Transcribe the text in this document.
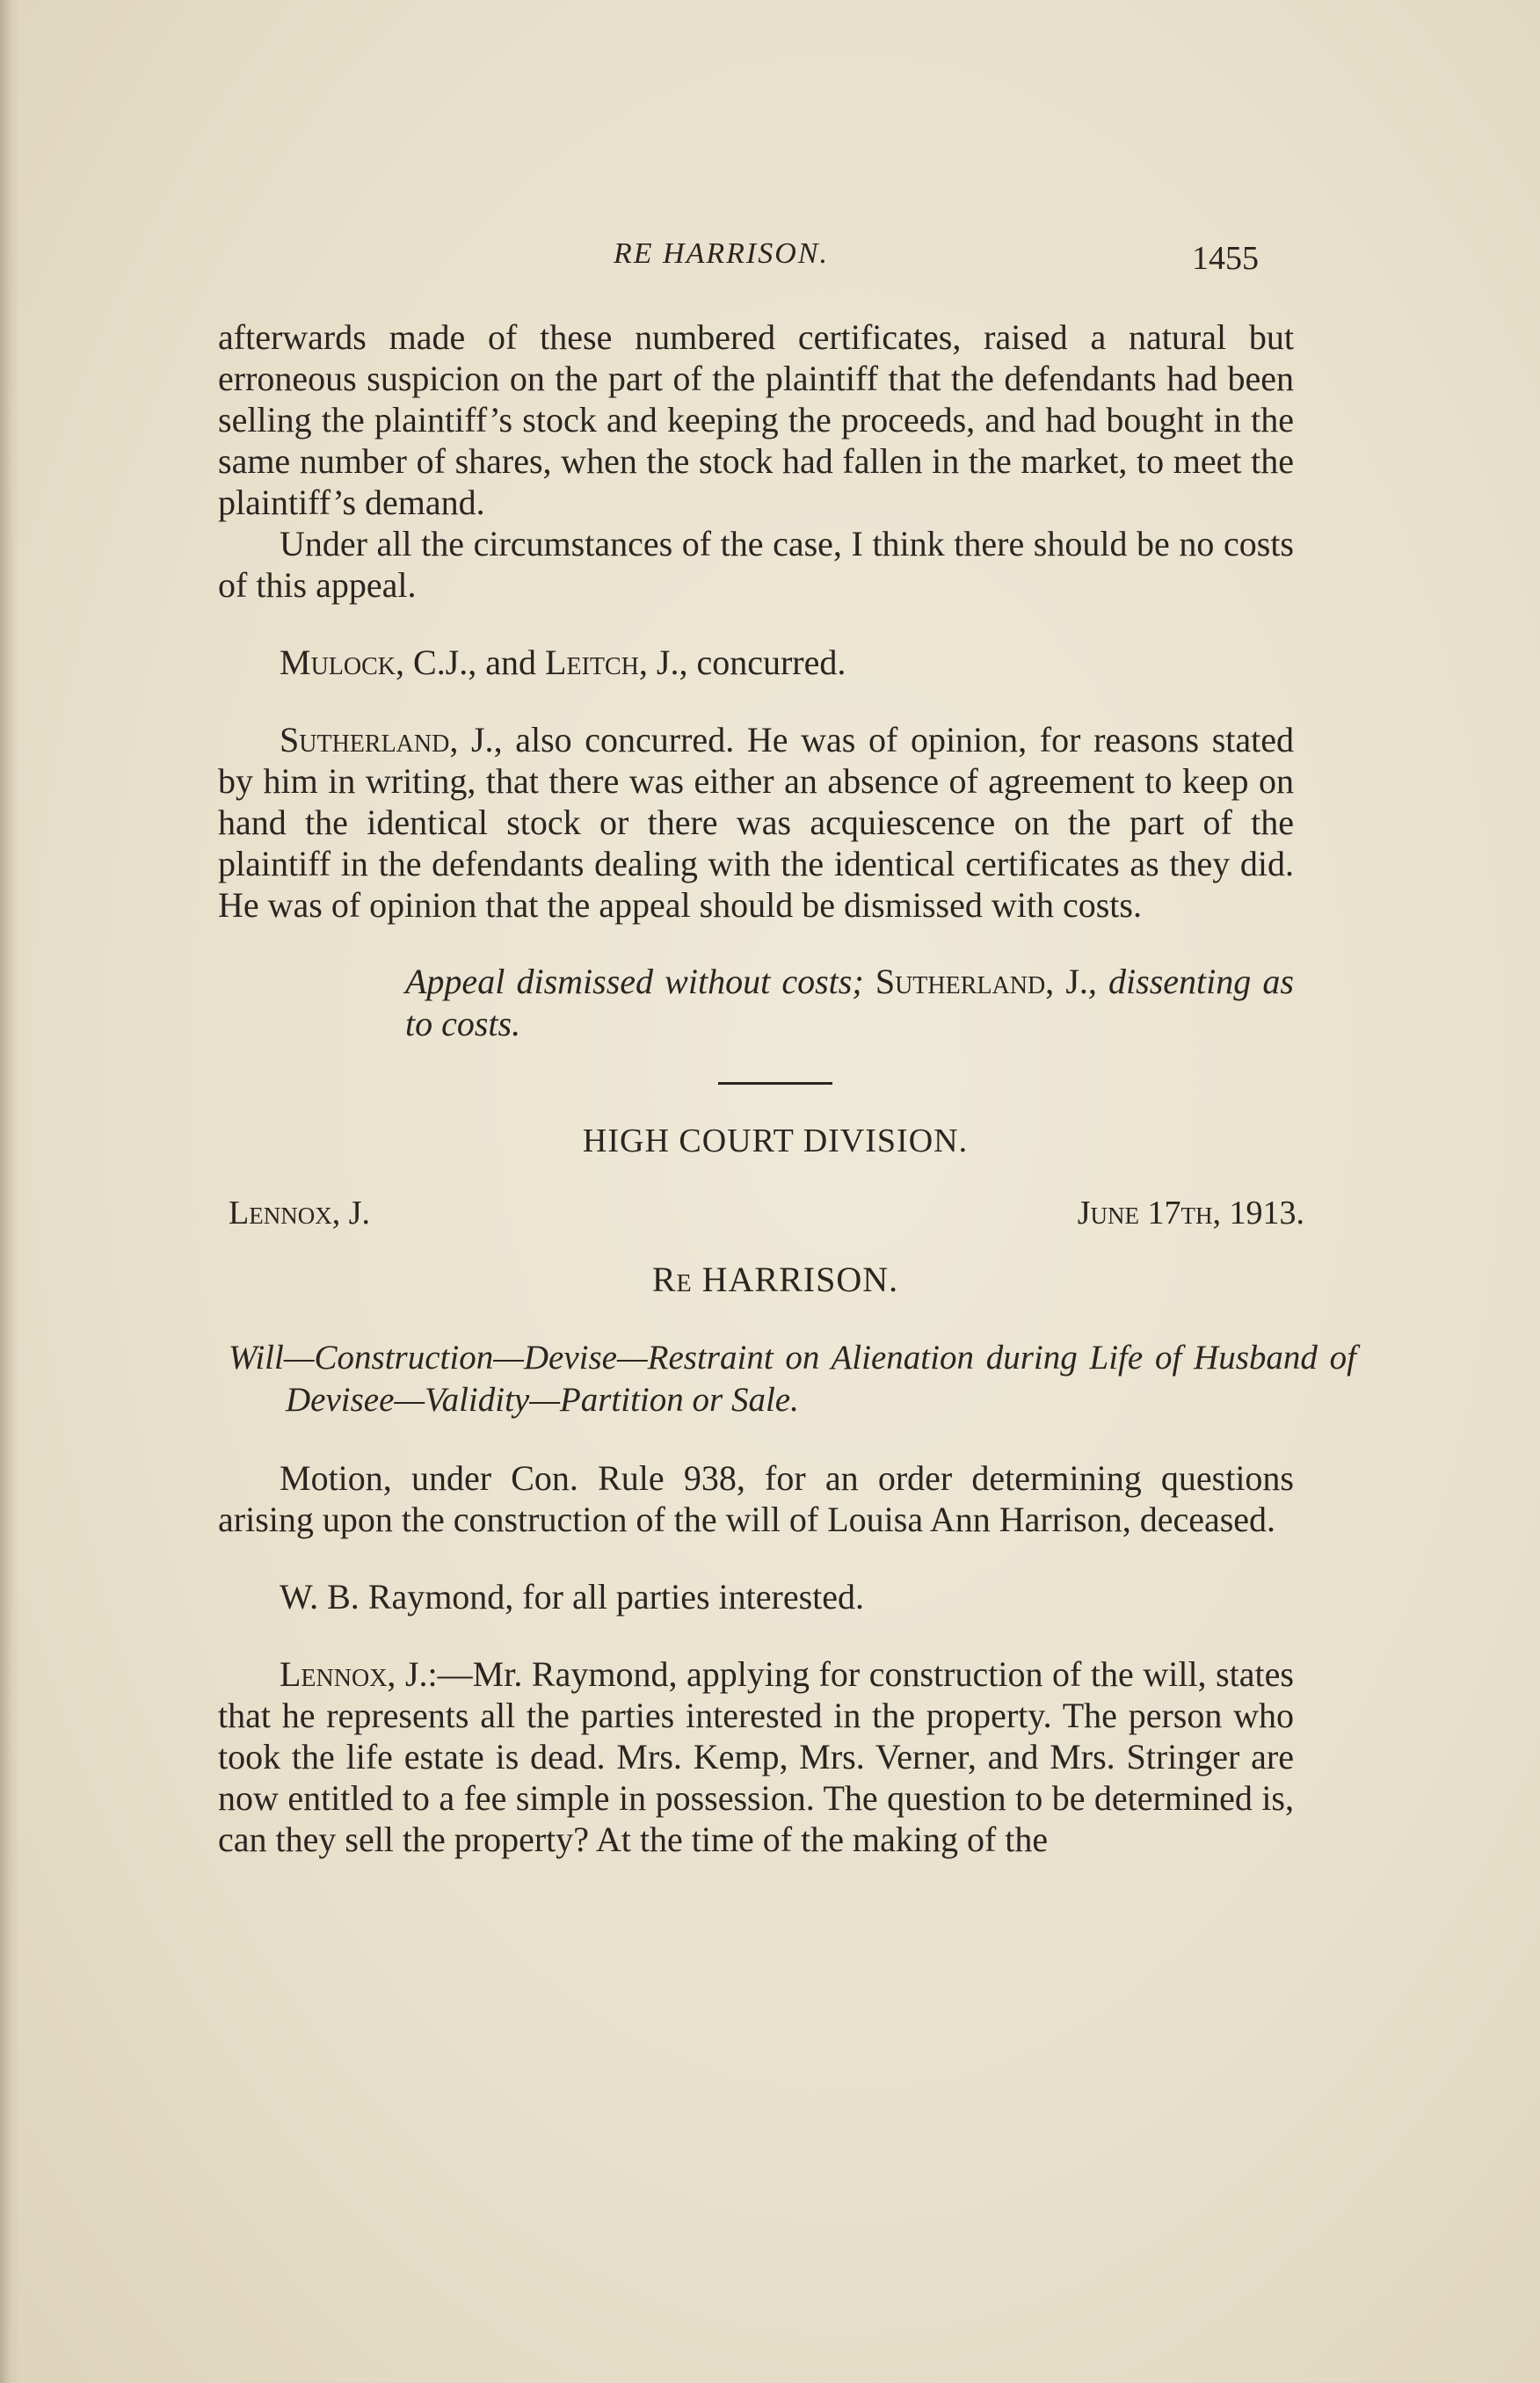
RE HARRISON.	1455

afterwards made of these numbered certificates, raised a natural but erroneous suspicion on the part of the plaintiff that the defendants had been selling the plaintiff’s stock and keeping the proceeds, and had bought in the same number of shares, when the stock had fallen in the market, to meet the plaintiff’s demand.

Under all the circumstances of the case, I think there should be no costs of this appeal.

Mulock, C.J., and Leitch, J., concurred.

Sutherland, J., also concurred. He was of opinion, for reasons stated by him in writing, that there was either an absence of agreement to keep on hand the identical stock or there was acquiescence on the part of the plaintiff in the defendants dealing with the identical certificates as they did. He was of opinion that the appeal should be dismissed with costs.

Appeal dismissed without costs; Sutherland, J., dissenting as to costs.
HIGH COURT DIVISION.
Lennox, J.	June 17th, 1913.
Re HARRISON.
Will—Construction—Devise—Restraint on Alienation during Life of Husband of Devisee—Validity—Partition or Sale.

Motion, under Con. Rule 938, for an order determining questions arising upon the construction of the will of Louisa Ann Harrison, deceased.

W. B. Raymond, for all parties interested.

Lennox, J.:—Mr. Raymond, applying for construction of the will, states that he represents all the parties interested in the property. The person who took the life estate is dead. Mrs. Kemp, Mrs. Verner, and Mrs. Stringer are now entitled to a fee simple in possession. The question to be determined is, can they sell the property? At the time of the making of the
